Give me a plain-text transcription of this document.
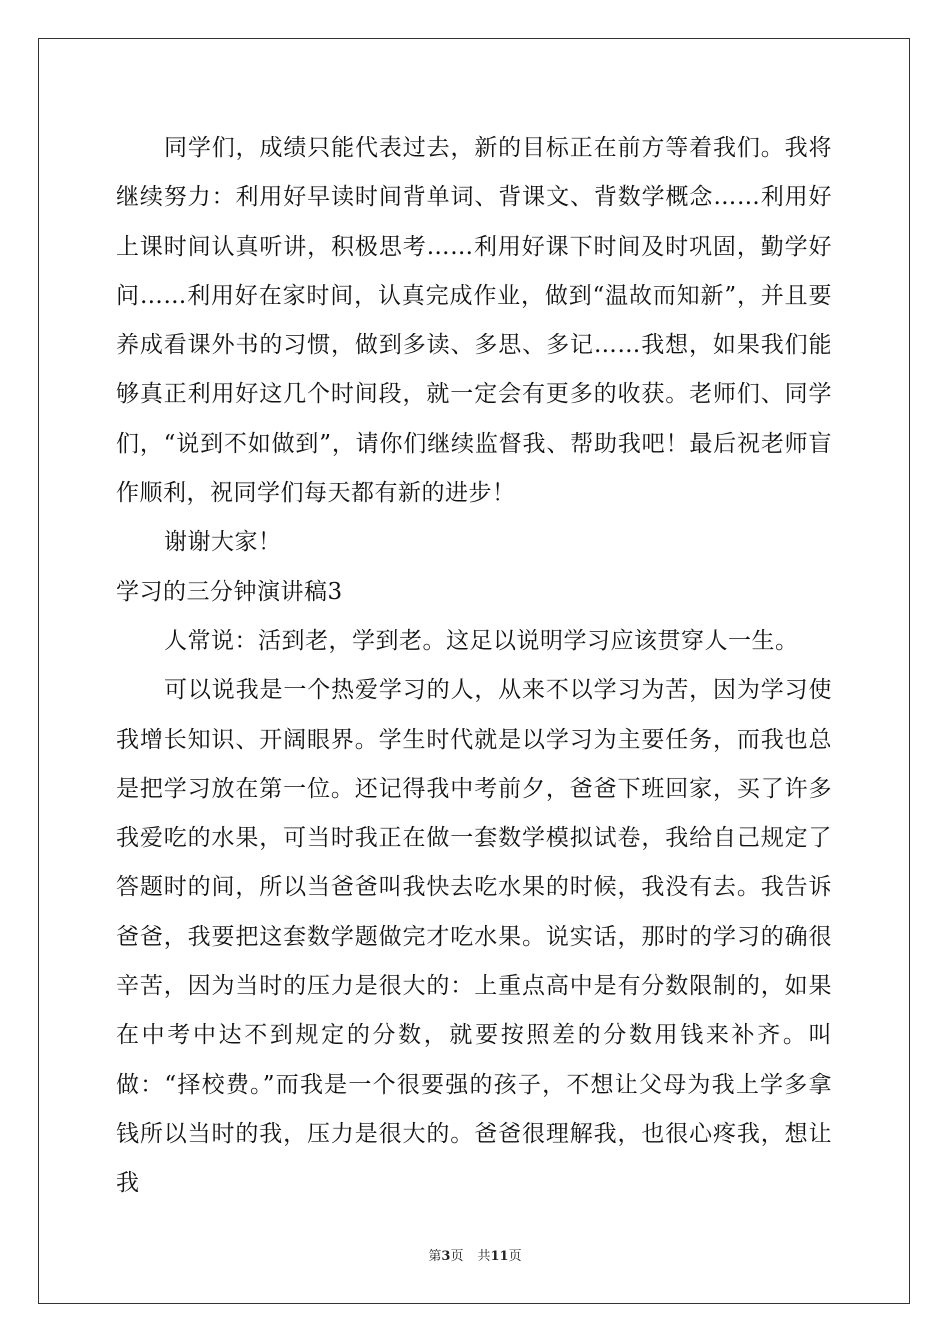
同学们，成绩只能代表过去，新的目标正在前方等着我们。我将继续努力：利用好早读时间背单词、背课文、背数学概念……利用好上课时间认真听讲，积极思考……利用好课下时间及时巩固，勤学好问……利用好在家时间，认真完成作业，做到“温故而知新”，并且要养成看课外书的习惯，做到多读、多思、多记……我想，如果我们能够真正利用好这几个时间段，就一定会有更多的收获。老师们、同学们，“说到不如做到”，请你们继续监督我、帮助我吧！最后祝老师盲作顺利，祝同学们每天都有新的进步！

谢谢大家！

学习的三分钟演讲稿3

人常说：活到老，学到老。这足以说明学习应该贯穿人一生。

可以说我是一个热爱学习的人，从来不以学习为苦，因为学习使我增长知识、开阔眼界。学生时代就是以学习为主要任务，而我也总是把学习放在第一位。还记得我中考前夕，爸爸下班回家，买了许多我爱吃的水果，可当时我正在做一套数学模拟试卷，我给自己规定了答题时的间，所以当爸爸叫我快去吃水果的时候，我没有去。我告诉爸爸，我要把这套数学题做完才吃水果。说实话，那时的学习的确很辛苦，因为当时的压力是很大的：上重点高中是有分数限制的，如果在中考中达不到规定的分数，就要按照差的分数用钱来补齐。叫做：“择校费。”而我是一个很要强的孩子，不想让父母为我上学多拿钱所以当时的我，压力是很大的。爸爸很理解我，也很心疼我，想让我

第3页 共11页
